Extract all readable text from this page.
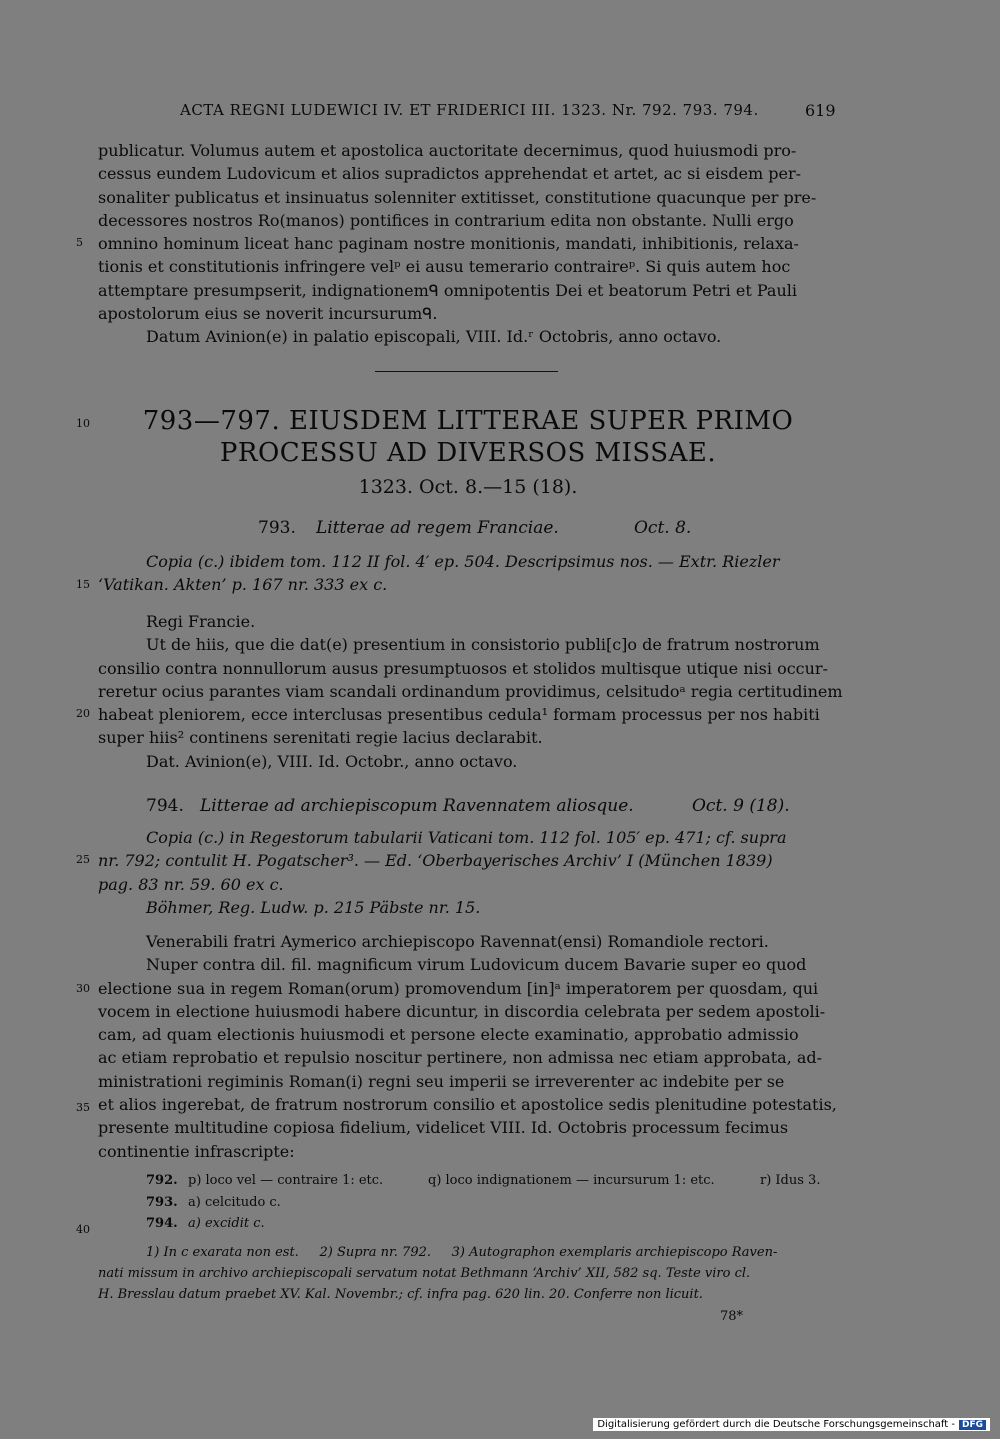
ACTA REGNI LUDEWICI IV. ET FRIDERICI III. 1323. Nr. 792. 793. 794.	619
publicatur. Volumus autem et apostolica auctoritate decernimus, quod huiusmodi pro-
cessus eundem Ludovicum et alios supradictos apprehendat et artet, ac si eisdem per-
sonaliter publicatus et insinuatus solenniter extitisset, constitutione quacunque per pre-
decessores nostros Ro(manos) pontifices in contrarium edita non obstante. Nulli ergo
omnino hominum liceat hanc paginam nostre monitionis, mandati, inhibitionis, relaxa-
tionis et constitutionis infringere velᵖ ei ausu temerario contraireᵖ. Si quis autem hoc
attemptare presumpserit, indignationemᑫ omnipotentis Dei et beatorum Petri et Pauli
apostolorum eius se noverit incursurumᑫ.
Datum Avinion(e) in palatio episcopali, VIII. Id.ʳ Octobris, anno octavo.
5
10
15
20
25
30
35
40
793—797. EIUSDEM LITTERAE SUPER PRIMO
PROCESSU AD DIVERSOS MISSAE.
1323. Oct. 8.—15 (18).
793. Litterae ad regem Franciae.	Oct. 8.
Copia (c.) ibidem tom. 112 II fol. 4′ ep. 504. Descripsimus nos. — Extr. Riezler
‘Vatikan. Akten’ p. 167 nr. 333 ex c.
Regi Francie.
Ut de hiis, que die dat(e) presentium in consistorio publi[c]o de fratrum nostrorum
consilio contra nonnullorum ausus presumptuosos et stolidos multisque utique nisi occur-
reretur ocius parantes viam scandali ordinandum providimus, celsitudoᵃ regia certitudinem
habeat pleniorem, ecce interclusas presentibus cedula¹ formam processus per nos habiti
super hiis² continens serenitati regie lacius declarabit.
Dat. Avinion(e), VIII. Id. Octobr., anno octavo.
794. Litterae ad archiepiscopum Ravennatem aliosque.	Oct. 9 (18).
Copia (c.) in Regestorum tabularii Vaticani tom. 112 fol. 105′ ep. 471; cf. supra
nr. 792; contulit H. Pogatscher³. — Ed. ‘Oberbayerisches Archiv’ I (München 1839)
pag. 83 nr. 59. 60 ex c.
Böhmer, Reg. Ludw. p. 215 Päbste nr. 15.
Venerabili fratri Aymerico archiepiscopo Ravennat(ensi) Romandiole rectori.
Nuper contra dil. fil. magnificum virum Ludovicum ducem Bavarie super eo quod
electione sua in regem Roman(orum) promovendum [in]ᵃ imperatorem per quosdam, qui
vocem in electione huiusmodi habere dicuntur, in discordia celebrata per sedem apostoli-
cam, ad quam electionis huiusmodi et persone electe examinatio, approbatio admissio
ac etiam reprobatio et repulsio noscitur pertinere, non admissa nec etiam approbata, ad-
ministrationi regiminis Roman(i) regni seu imperii se irreverenter ac indebite per se
et alios ingerebat, de fratrum nostrorum consilio et apostolice sedis plenitudine potestatis,
presente multitudine copiosa fidelium, videlicet VIII. Id. Octobris processum fecimus
continentie infrascripte:
792. p) loco vel — contraire 1: etc.	q) loco indignationem — incursurum 1: etc.	r) Idus 3.
793. a) celcitudo c.
794. a) excidit c.
1) In c exarata non est.     2) Supra nr. 792.     3) Autographon exemplaris archiepiscopo Raven-
nati missum in archivo archiepiscopali servatum notat Bethmann ‘Archiv’ XII, 582 sq. Teste viro cl.
H. Bresslau datum praebet XV. Kal. Novembr.; cf. infra pag. 620 lin. 20. Conferre non licuit.
78*
Digitalisierung gefördert durch die Deutsche Forschungsgemeinschaft - DFG
